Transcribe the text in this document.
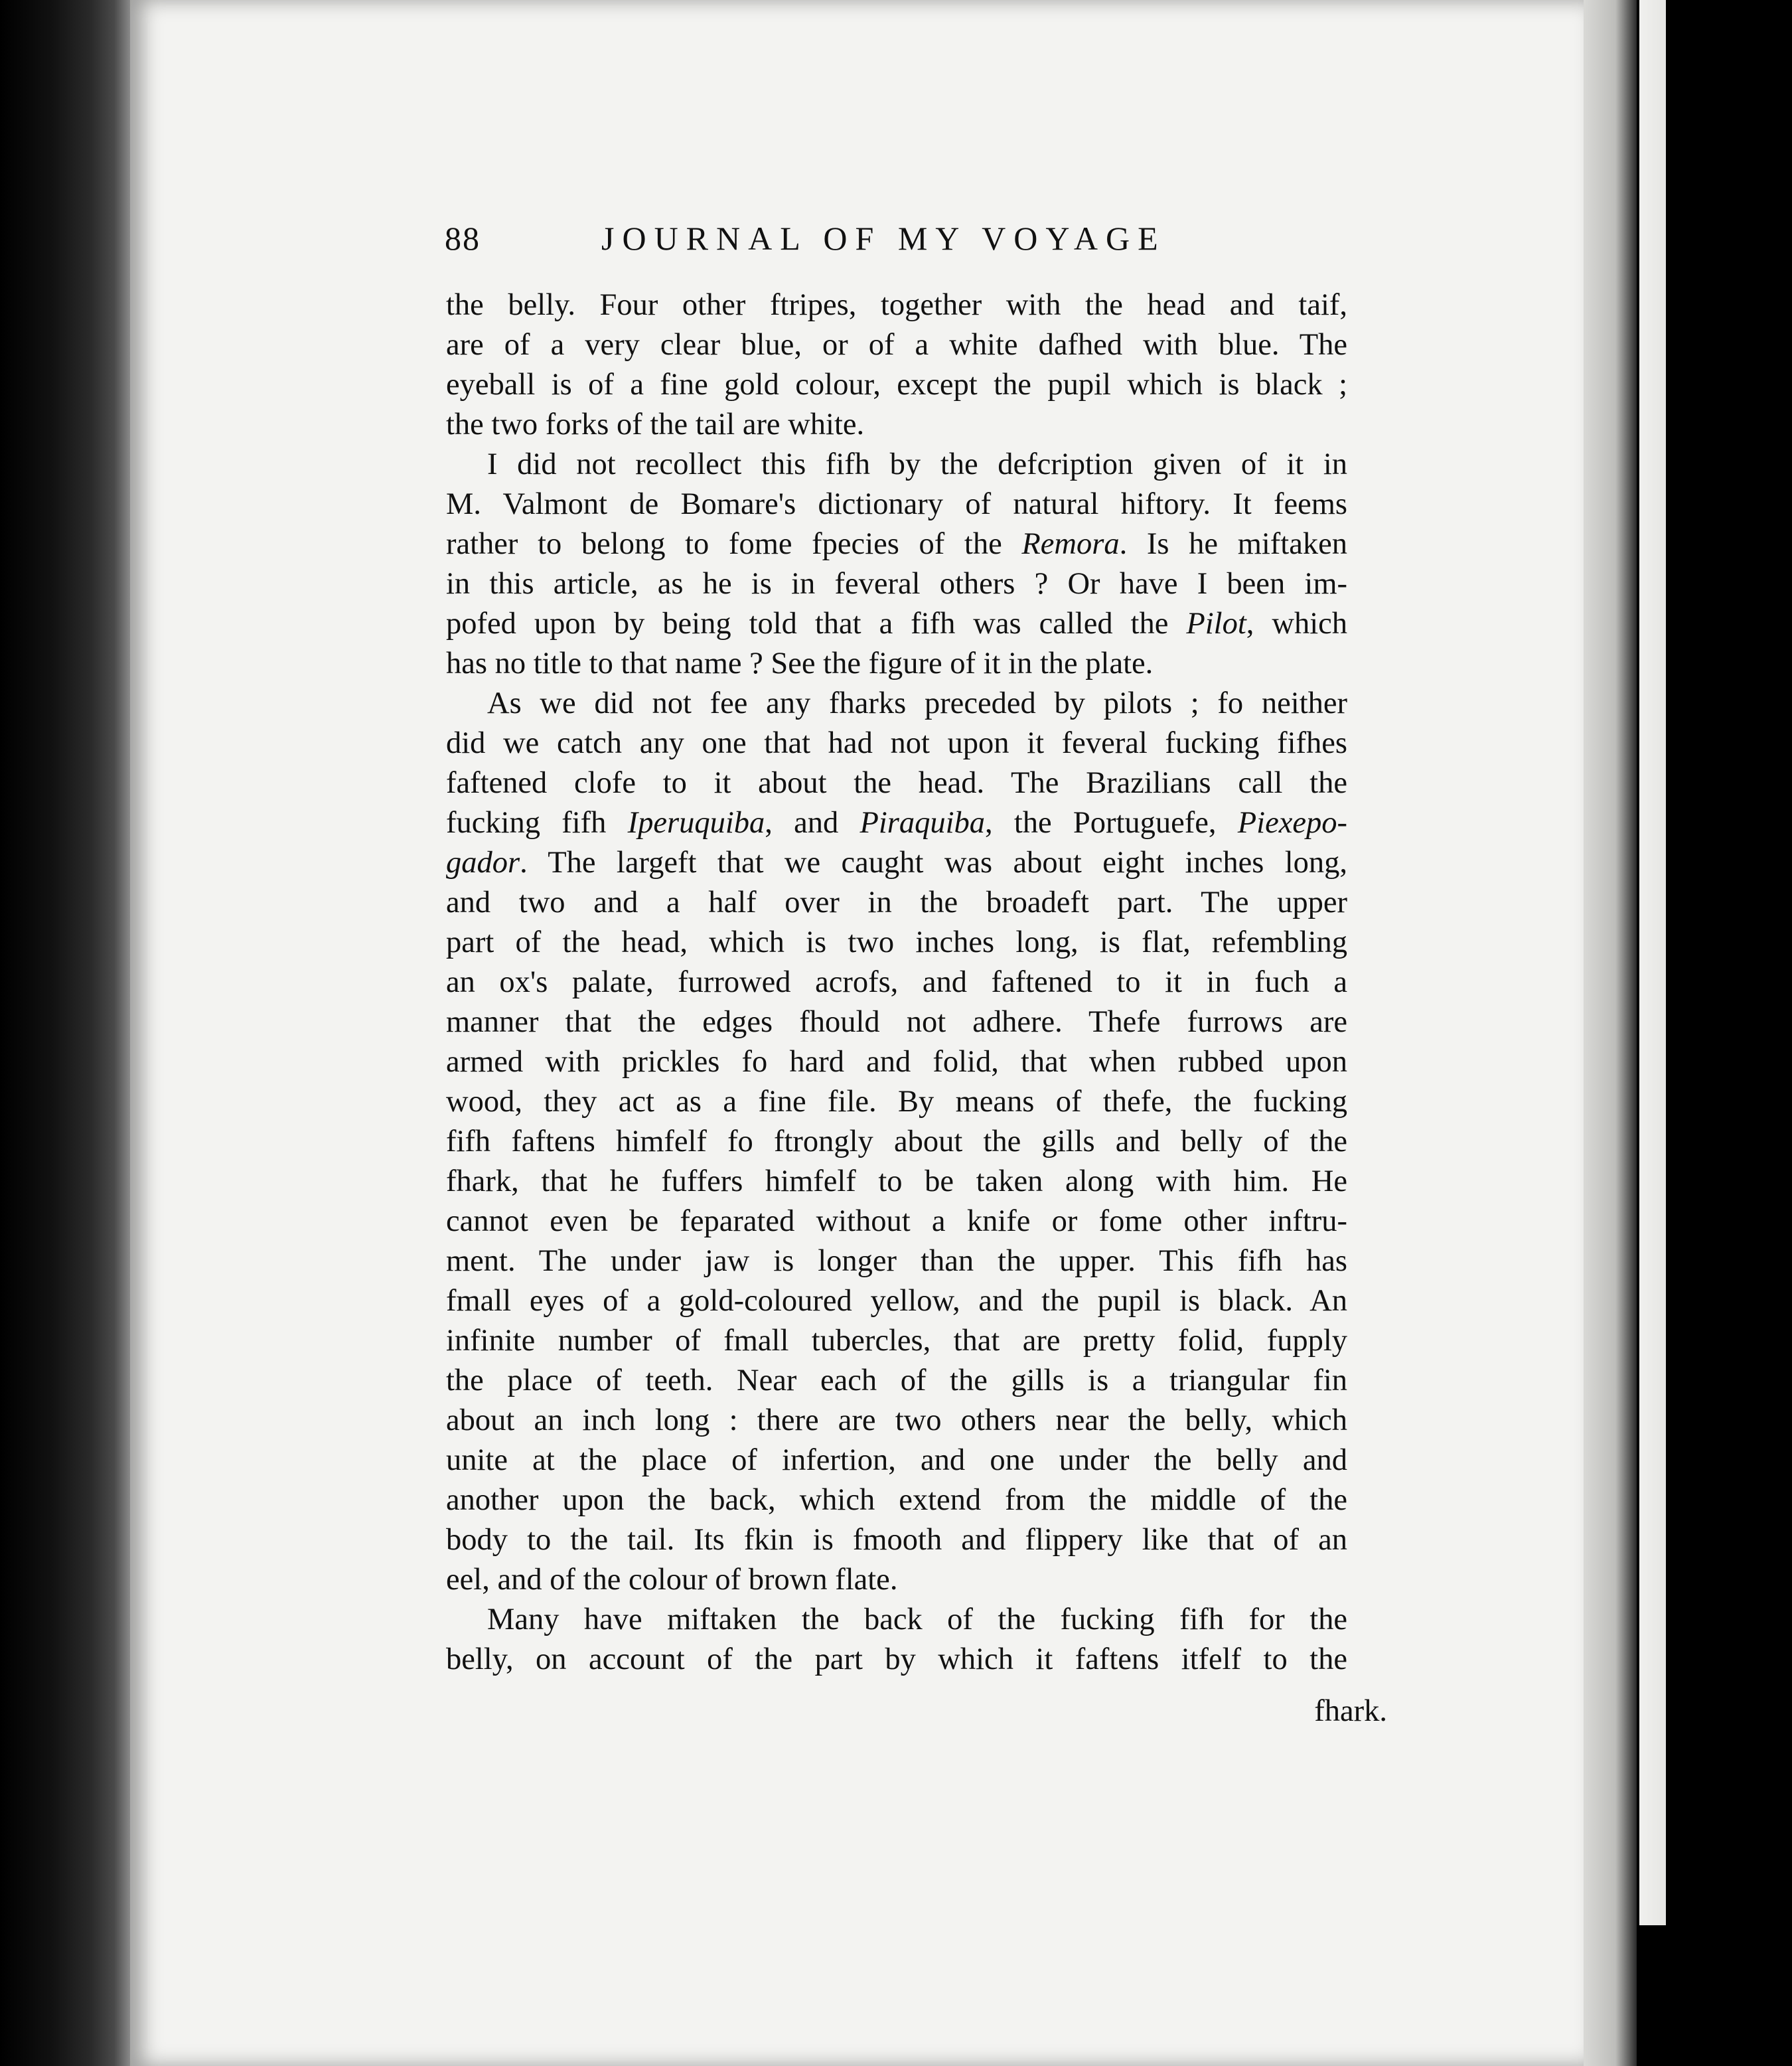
88	JOURNAL OF MY VOYAGE
the belly. Four other ftripes, together with the head and taif,
are of a very clear blue, or of a white dafhed with blue. The
eyeball is of a fine gold colour, except the pupil which is black ;
the two forks of the tail are white.
I did not recollect this fifh by the defcription given of it in
M. Valmont de Bomare's dictionary of natural hiftory. It feems
rather to belong to fome fpecies of the Remora. Is he miftaken
in this article, as he is in feveral others ? Or have I been im-
pofed upon by being told that a fifh was called the Pilot, which
has no title to that name ? See the figure of it in the plate.
As we did not fee any fharks preceded by pilots ; fo neither
did we catch any one that had not upon it feveral fucking fifhes
faftened clofe to it about the head. The Brazilians call the
fucking fifh Iperuquiba, and Piraquiba, the Portuguefe, Piexepo-
gador. The largeft that we caught was about eight inches long,
and two and a half over in the broadeft part. The upper
part of the head, which is two inches long, is flat, refembling
an ox's palate, furrowed acrofs, and faftened to it in fuch a
manner that the edges fhould not adhere. Thefe furrows are
armed with prickles fo hard and folid, that when rubbed upon
wood, they act as a fine file. By means of thefe, the fucking
fifh faftens himfelf fo ftrongly about the gills and belly of the
fhark, that he fuffers himfelf to be taken along with him. He
cannot even be feparated without a knife or fome other inftru-
ment. The under jaw is longer than the upper. This fifh has
fmall eyes of a gold-coloured yellow, and the pupil is black. An
infinite number of fmall tubercles, that are pretty folid, fupply
the place of teeth. Near each of the gills is a triangular fin
about an inch long : there are two others near the belly, which
unite at the place of infertion, and one under the belly and
another upon the back, which extend from the middle of the
body to the tail. Its fkin is fmooth and flippery like that of an
eel, and of the colour of brown flate.
Many have miftaken the back of the fucking fifh for the
belly, on account of the part by which it faftens itfelf to the
fhark.
